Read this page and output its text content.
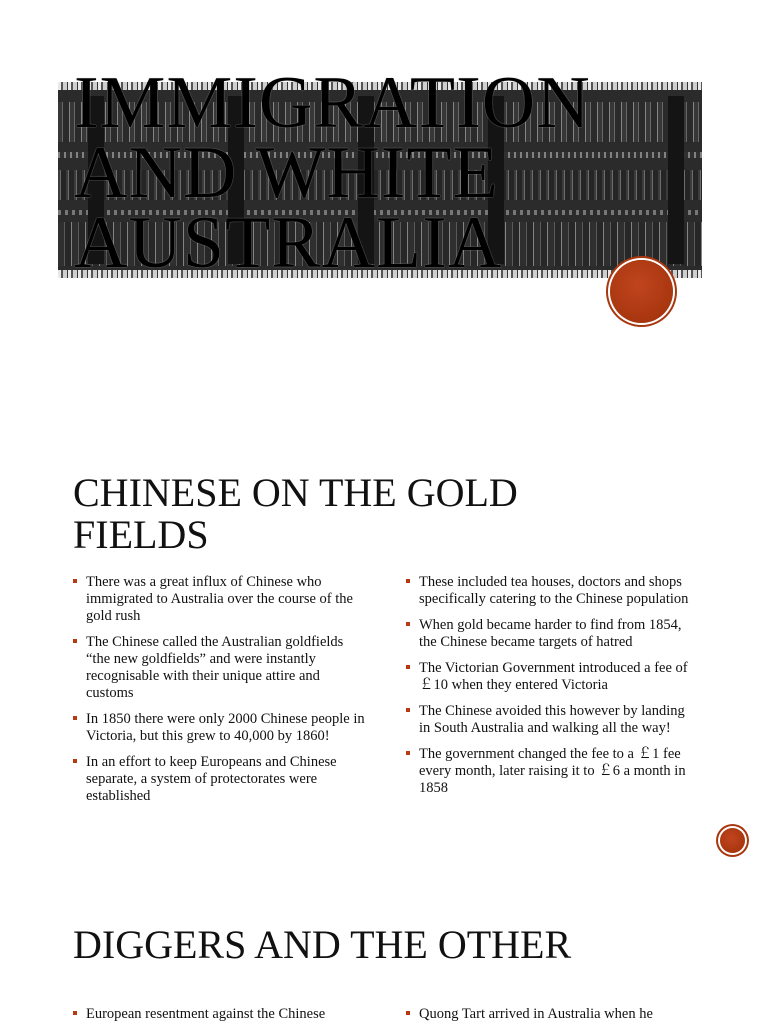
IMMIGRATION
AND WHITE
AUSTRALIA
CHINESE ON THE GOLD
FIELDS
There was a great influx of Chinese who immigrated to Australia over the course of the gold rush
The Chinese called the Australian goldfields “the new goldfields” and were instantly recognisable with their unique attire and customs
In 1850 there were only 2000 Chinese people in Victoria, but this grew to 40,000 by 1860!
In an effort to keep Europeans and Chinese separate, a system of protectorates were established
These included tea houses, doctors and shops specifically catering to the Chinese population
When gold became harder to find from 1854, the Chinese became targets of hatred
The Victorian Government introduced a fee of ￡10 when they entered Victoria
The Chinese avoided this however by landing in South Australia and walking all the way!
The government changed the fee to a ￡1 fee every month, later raising it to ￡6 a month in 1858
DIGGERS AND THE OTHER
European resentment against the Chinese	Quong Tart arrived in Australia when he
